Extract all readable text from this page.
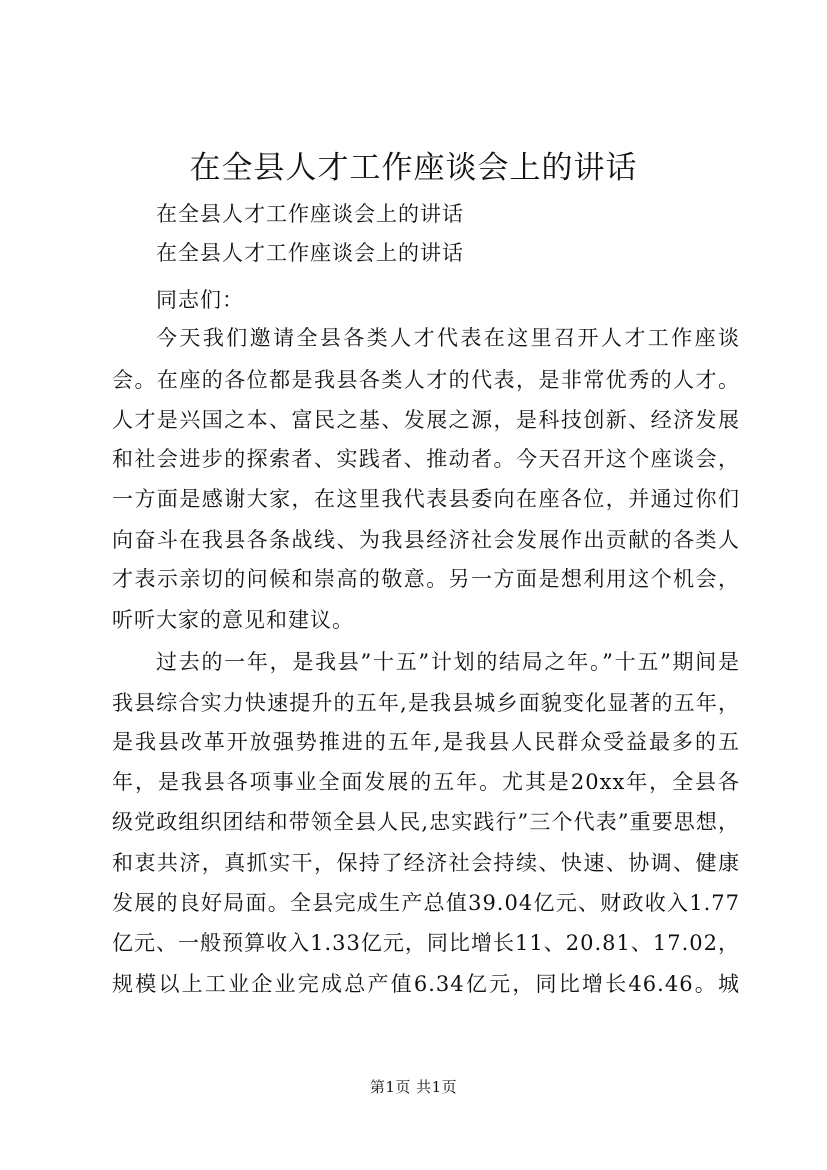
在全县人才工作座谈会上的讲话
在全县人才工作座谈会上的讲话
在全县人才工作座谈会上的讲话
同志们：
今天我们邀请全县各类人才代表在这里召开人才工作座谈
会。在座的各位都是我县各类人才的代表，是非常优秀的人才。
人才是兴国之本、富民之基、发展之源，是科技创新、经济发展
和社会进步的探索者、实践者、推动者。今天召开这个座谈会，
一方面是感谢大家，在这里我代表县委向在座各位，并通过你们
向奋斗在我县各条战线、为我县经济社会发展作出贡献的各类人
才表示亲切的问候和崇高的敬意。另一方面是想利用这个机会，
听听大家的意见和建议。
过去的一年，是我县”十五”计划的结局之年。”十五”期间是
我县综合实力快速提升的五年,是我县城乡面貌变化显著的五年，
是我县改革开放强势推进的五年,是我县人民群众受益最多的五
年，是我县各项事业全面发展的五年。尤其是20xx年，全县各
级党政组织团结和带领全县人民,忠实践行”三个代表”重要思想，
和衷共济，真抓实干，保持了经济社会持续、快速、协调、健康
发展的良好局面。全县完成生产总值39.04亿元、财政收入1.77
亿元、一般预算收入1.33亿元，同比增长11、20.81、17.02，
规模以上工业企业完成总产值6.34亿元，同比增长46.46。城
第1页 共1页
